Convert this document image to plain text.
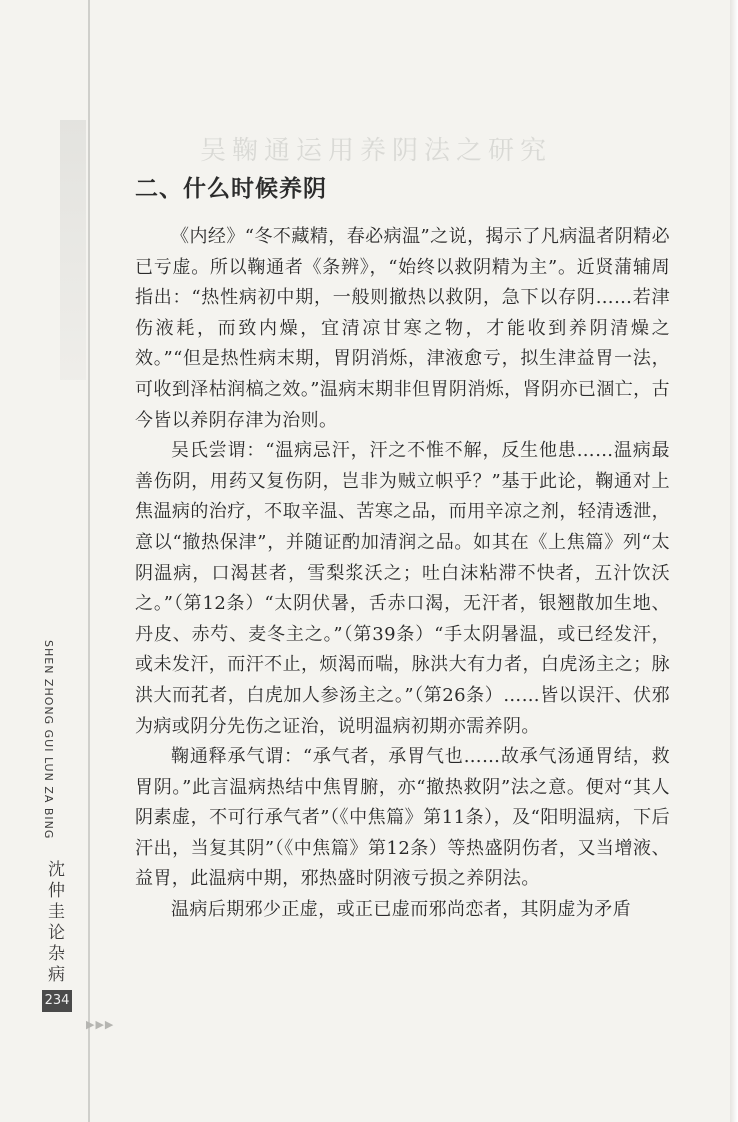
吴鞠通运用养阴法之研究
二、什么时候养阴

《内经》“冬不藏精，春必病温”之说，揭示了凡病温者阴精必已亏虚。所以鞠通者《条辨》，“始终以救阴精为主”。近贤蒲辅周指出：“热性病初中期，一般则撤热以救阴，急下以存阴……若津伤液耗，而致内燥，宜清凉甘寒之物，才能收到养阴清燥之效。”“但是热性病末期，胃阴消烁，津液愈亏，拟生津益胃一法，可收到泽枯润槁之效。”温病末期非但胃阴消烁，肾阴亦已涸亡，古今皆以养阴存津为治则。

吴氏尝谓：“温病忌汗，汗之不惟不解，反生他患……温病最善伤阴，用药又复伤阴，岂非为贼立帜乎？”基于此论，鞠通对上焦温病的治疗，不取辛温、苦寒之品，而用辛凉之剂，轻清透泄，意以“撤热保津”，并随证酌加清润之品。如其在《上焦篇》列“太阴温病，口渴甚者，雪梨浆沃之；吐白沫粘滞不快者，五汁饮沃之。”（第12条）“太阴伏暑，舌赤口渴，无汗者，银翘散加生地、丹皮、赤芍、麦冬主之。”（第39条）“手太阴暑温，或已经发汗，或未发汗，而汗不止，烦渴而喘，脉洪大有力者，白虎汤主之；脉洪大而芤者，白虎加人参汤主之。”（第26条）……皆以误汗、伏邪为病或阴分先伤之证治，说明温病初期亦需养阴。

鞠通释承气谓：“承气者，承胃气也……故承气汤通胃结，救胃阴。”此言温病热结中焦胃腑，亦“撤热救阴”法之意。便对“其人阴素虚，不可行承气者”（《中焦篇》第11条），及“阳明温病，下后汗出，当复其阴”（《中焦篇》第12条）等热盛阴伤者，又当增液、益胃，此温病中期，邪热盛时阴液亏损之养阴法。

温病后期邪少正虚，或正已虚而邪尚恋者，其阴虚为矛盾

SHEN ZHONG GUI LUN ZA BING
沈仲圭论杂病
234
▶▶▶
